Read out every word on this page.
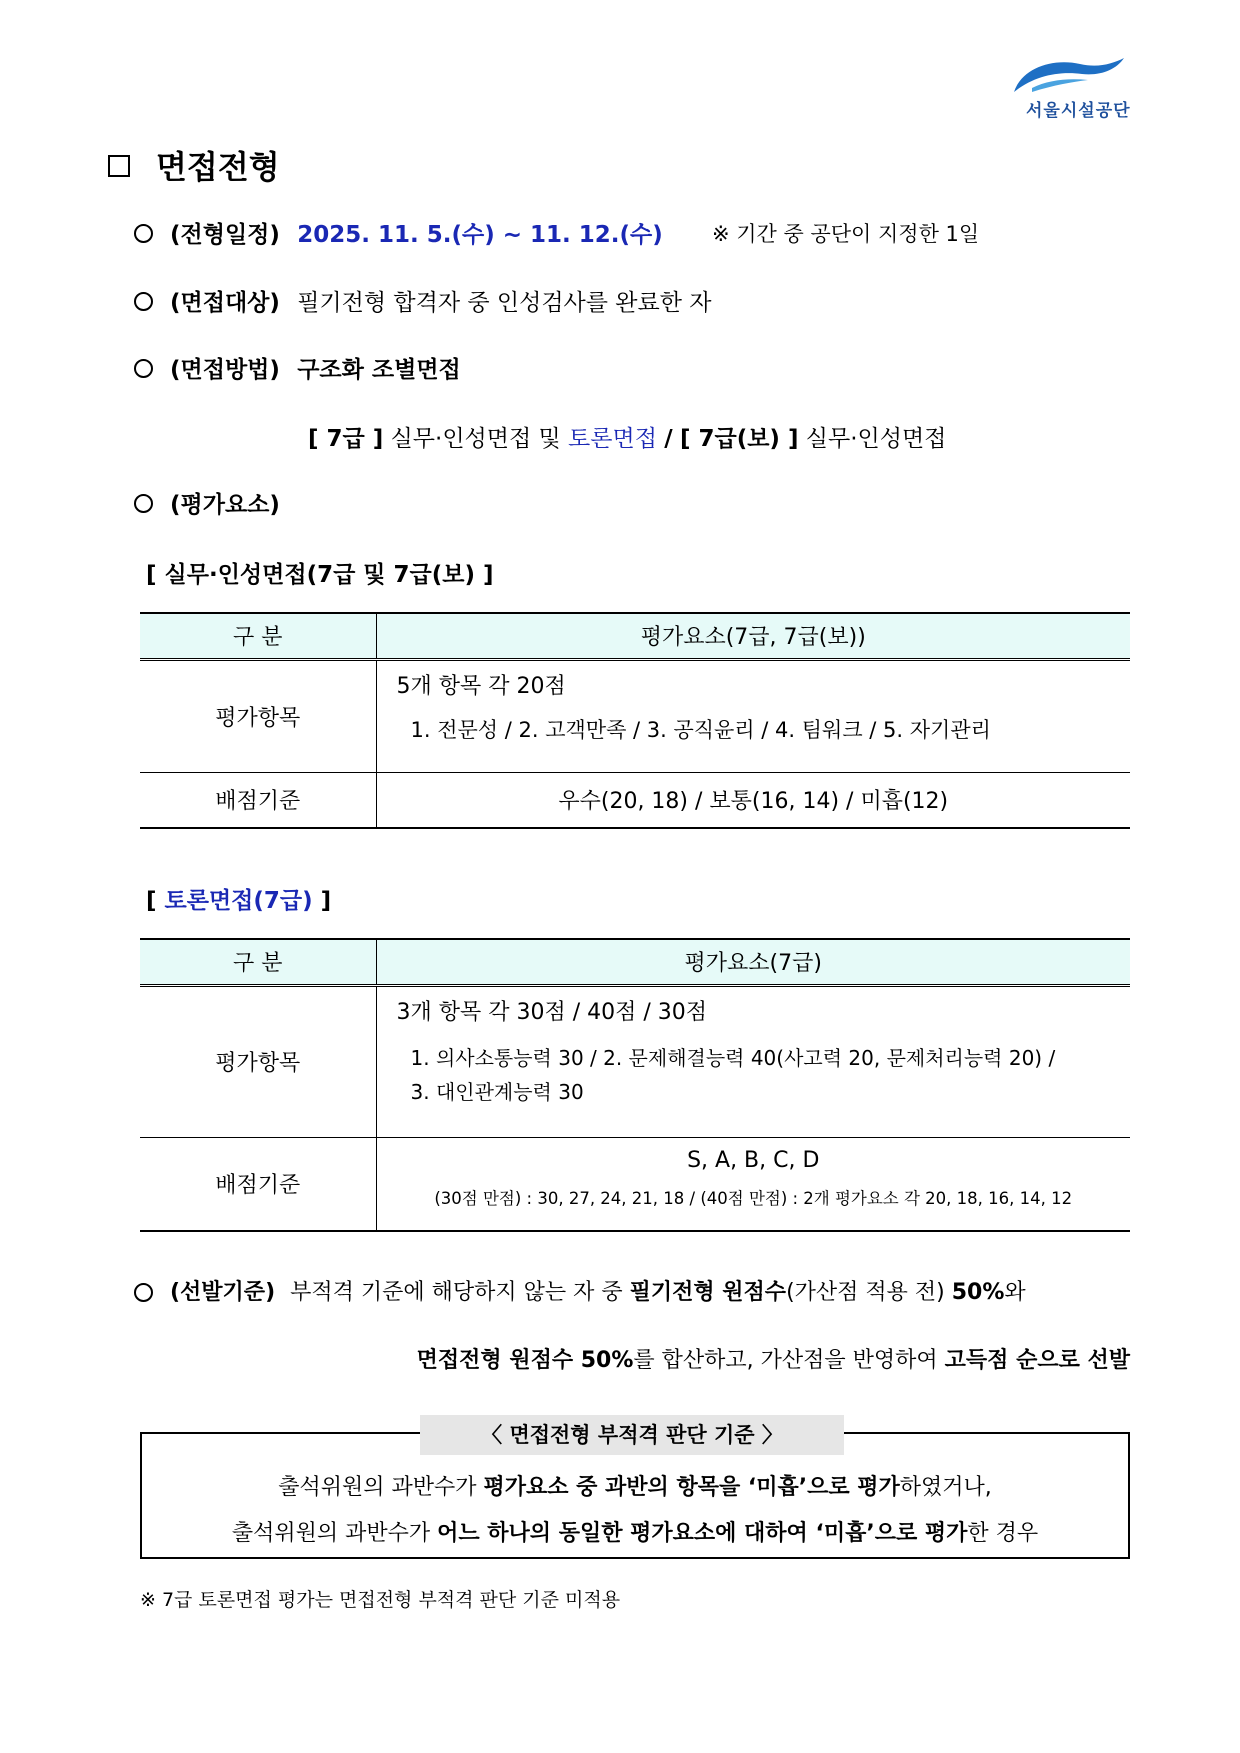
서울시설공단
면접전형
(전형일정) 2025. 11. 5.(수) ~ 11. 12.(수) ※ 기간 중 공단이 지정한 1일
(면접대상) 필기전형 합격자 중 인성검사를 완료한 자
(면접방법) 구조화 조별면접
[ 7급 ] 실무·인성면접 및 토론면접 / [ 7급(보) ] 실무·인성면접
(평가요소)
[ 실무·인성면접(7급 및 7급(보) ]
구 분	평가요소(7급, 7급(보))
평가항목	5개 항목 각 20점
1. 전문성 / 2. 고객만족 / 3. 공직윤리 / 4. 팀워크 / 5. 자기관리

배점기준	우수(20, 18) / 보통(16, 14) / 미흡(12)
[ 토론면접(7급) ]
구 분	평가요소(7급)
평가항목	3개 항목 각 30점 / 40점 / 30점
1. 의사소통능력 30 / 2. 문제해결능력 40(사고력 20, 문제처리능력 20) /
3. 대인관계능력 30

배점기준	S, A, B, C, D
(30점 만점) : 30, 27, 24, 21, 18 / (40점 만점) : 2개 평가요소 각 20, 18, 16, 14, 12
(선발기준) 부적격 기준에 해당하지 않는 자 중 필기전형 원점수(가산점 적용 전) 50%와
면접전형 원점수 50%를 합산하고, 가산점을 반영하여 고득점 순으로 선발
〈 면접전형 부적격 판단 기준 〉
출석위원의 과반수가 평가요소 중 과반의 항목을 ‘미흡’으로 평가하였거나,
출석위원의 과반수가 어느 하나의 동일한 평가요소에 대하여 ‘미흡’으로 평가한 경우
※ 7급 토론면접 평가는 면접전형 부적격 판단 기준 미적용
